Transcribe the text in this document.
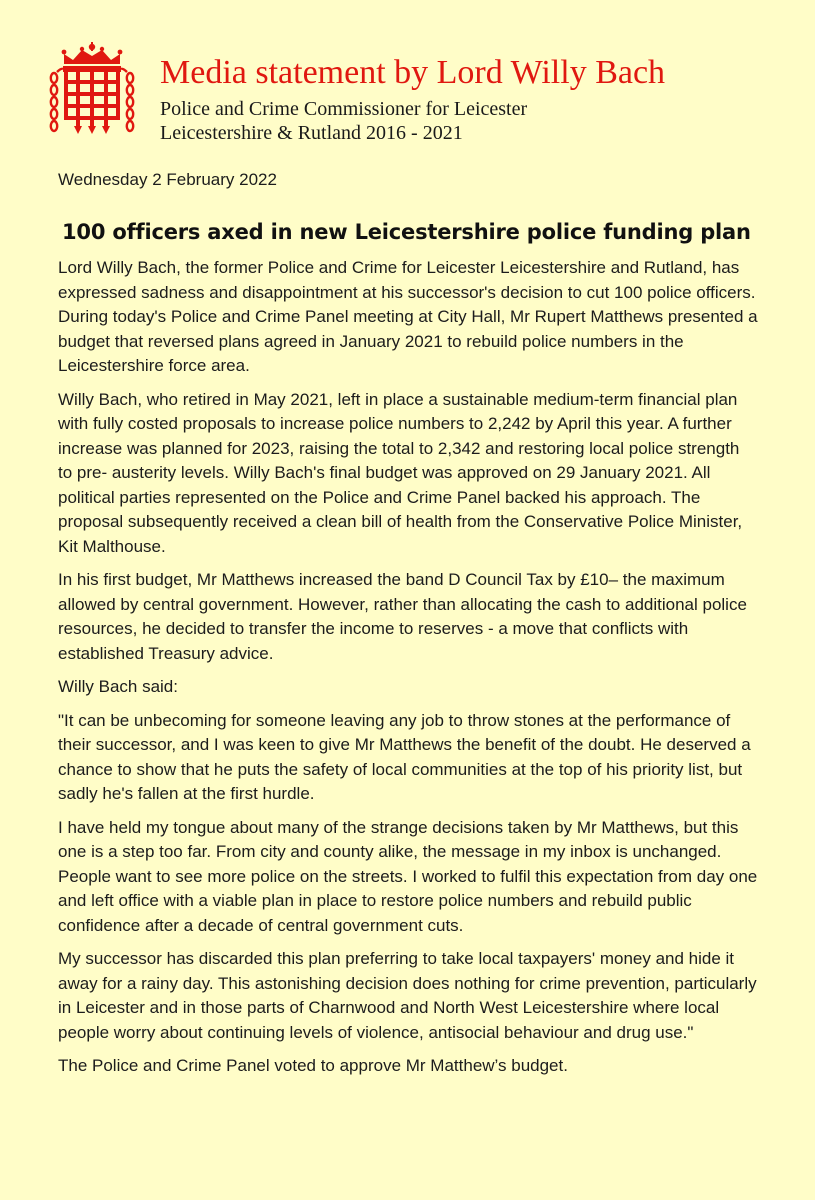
Media statement by Lord Willy Bach
Police and Crime Commissioner for Leicester
Leicestershire & Rutland 2016 - 2021

Wednesday 2 February 2022

100 officers axed in new Leicestershire police funding plan

Lord Willy Bach, the former Police and Crime for Leicester Leicestershire and Rutland, has expressed sadness and disappointment at his successor's decision to cut 100 police officers. During today's Police and Crime Panel meeting at City Hall, Mr Rupert Matthews presented a budget that reversed plans agreed in January 2021 to rebuild police numbers in the Leicestershire force area.

Willy Bach, who retired in May 2021, left in place a sustainable medium-term financial plan with fully costed proposals to increase police numbers to 2,242 by April this year. A further increase was planned for 2023, raising the total to 2,342 and restoring local police strength to pre- austerity levels. Willy Bach's final budget was approved on 29 January 2021. All political parties represented on the Police and Crime Panel backed his approach. The proposal subsequently received a clean bill of health from the Conservative Police Minister, Kit Malthouse.

In his first budget, Mr Matthews increased the band D Council Tax by £10– the maximum allowed by central government. However, rather than allocating the cash to additional police resources, he decided to transfer the income to reserves - a move that conflicts with established Treasury advice.

Willy Bach said:

"It can be unbecoming for someone leaving any job to throw stones at the performance of their successor, and I was keen to give Mr Matthews the benefit of the doubt. He deserved a chance to show that he puts the safety of local communities at the top of his priority list, but sadly he's fallen at the first hurdle.

I have held my tongue about many of the strange decisions taken by Mr Matthews, but this one is a step too far. From city and county alike, the message in my inbox is unchanged. People want to see more police on the streets. I worked to fulfil this expectation from day one and left office with a viable plan in place to restore police numbers and rebuild public confidence after a decade of central government cuts.

My successor has discarded this plan preferring to take local taxpayers' money and hide it away for a rainy day. This astonishing decision does nothing for crime prevention, particularly in Leicester and in those parts of Charnwood and North West Leicestershire where local people worry about continuing levels of violence, antisocial behaviour and drug use."

The Police and Crime Panel voted to approve Mr Matthew’s budget.
